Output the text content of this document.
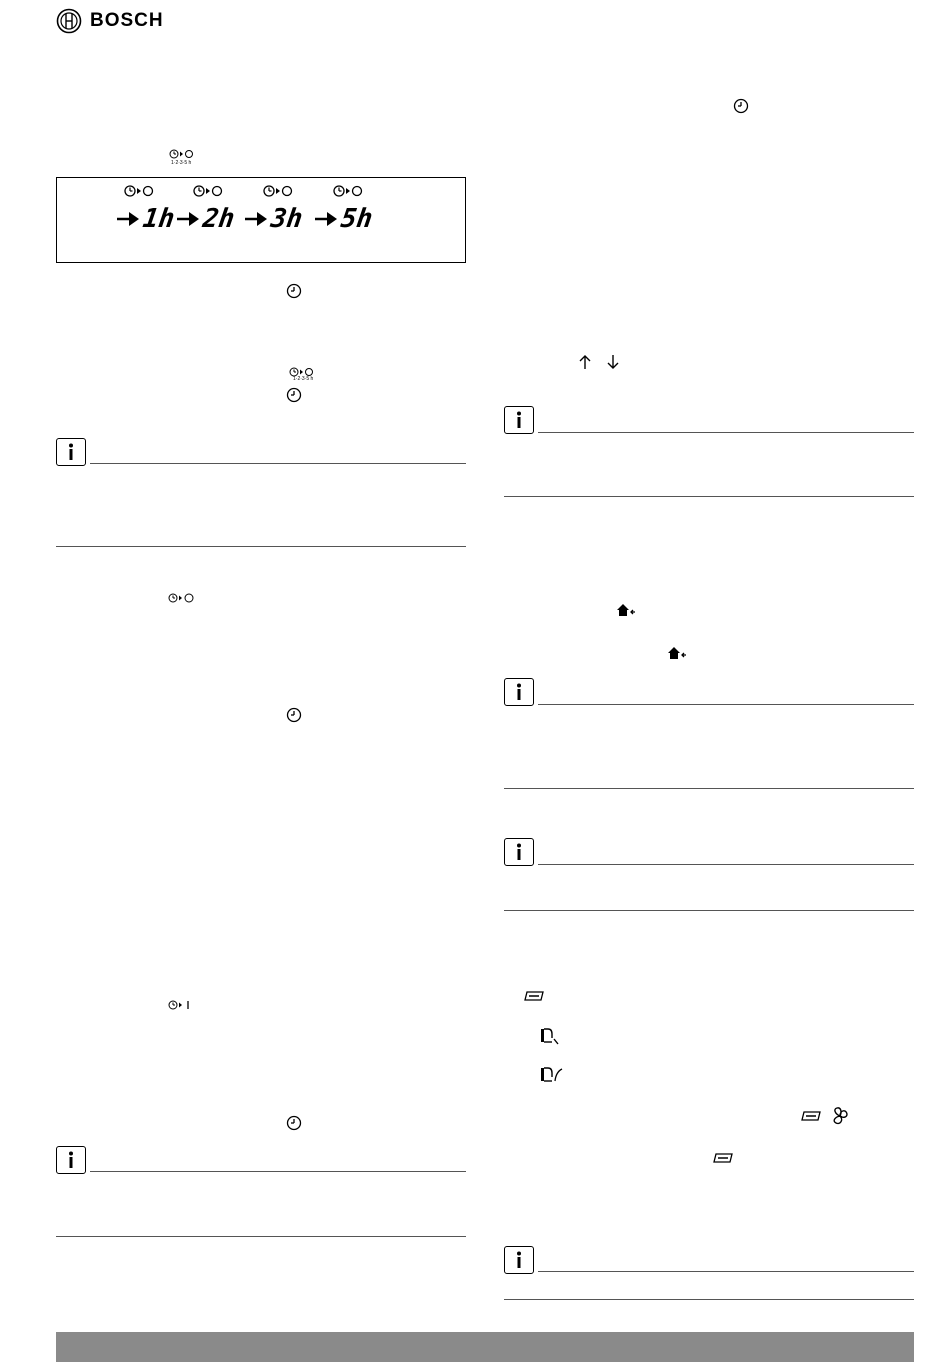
BOSCH
1·2·3·5 h
1h 2h 3h 5h
1·2·3·5 h
